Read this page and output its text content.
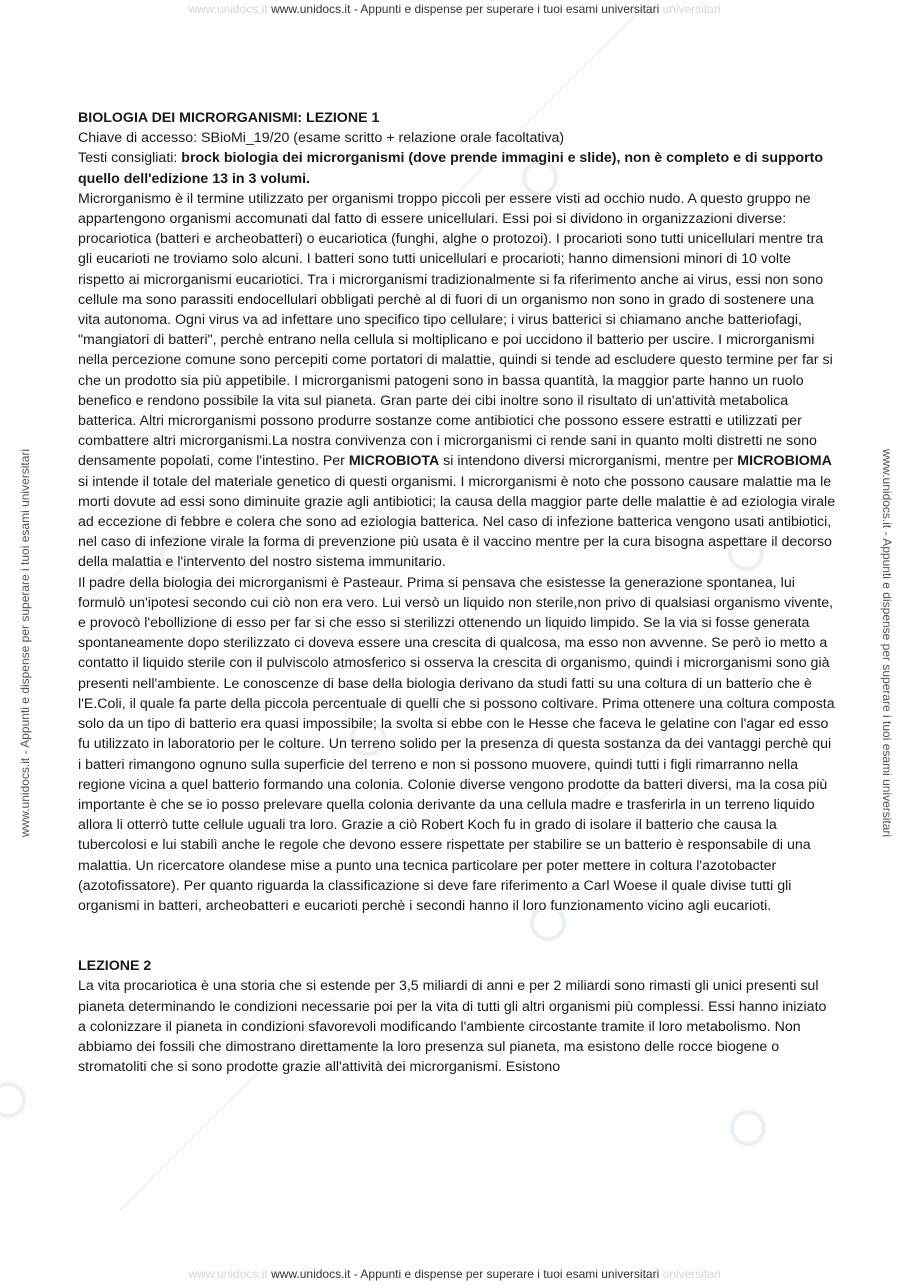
www.unidocs.it www.unidocs.it - Appunti e dispense per superare i tuoi esami universitari universitari
www.unidocs.it www.unidocs.it - Appunti e dispense per superare i tuoi esami universitari universitari
www.unidocs.it - Appunti e dispense per superare i tuoi esami universitari	www.unidocs.it - Appunti e dispense per superare i tuoi esami universitari

BIOLOGIA DEI MICRORGANISMI: LEZIONE 1

Chiave di accesso: SBioMi_19/20 (esame scritto + relazione orale facoltativa)

Testi consigliati: brock biologia dei microrganismi (dove prende immagini e slide), non è completo e di supporto quello dell'edizione 13 in 3 volumi.

Microrganismo è il termine utilizzato per organismi troppo piccoli per essere visti ad occhio nudo. A questo gruppo ne appartengono organismi accomunati dal fatto di essere unicellulari. Essi poi si dividono in organizzazioni diverse: procariotica (batteri e archeobatteri) o eucariotica (funghi, alghe o protozoi). I procarioti sono tutti unicellulari mentre tra gli eucarioti ne troviamo solo alcuni. I batteri sono tutti unicellulari e procarioti; hanno dimensioni minori di 10 volte rispetto ai microrganismi eucariotici. Tra i microrganismi tradizionalmente si fa riferimento anche ai virus, essi non sono cellule ma sono parassiti endocellulari obbligati perchè al di fuori di un organismo non sono in grado di sostenere una vita autonoma. Ogni virus va ad infettare uno specifico tipo cellulare; i virus batterici si chiamano anche batteriofagi, "mangiatori di batteri", perchè entrano nella cellula si moltiplicano e poi uccidono il batterio per uscire. I microrganismi nella percezione comune sono percepiti come portatori di malattie, quindi si tende ad escludere questo termine per far si che un prodotto sia più appetibile. I microrganismi patogeni sono in bassa quantità, la maggior parte hanno un ruolo benefico e rendono possibile la vita sul pianeta. Gran parte dei cibi inoltre sono il risultato di un'attività metabolica batterica. Altri microrganismi possono produrre sostanze come antibiotici che possono essere estratti e utilizzati per combattere altri microrganismi.La nostra convivenza con i microrganismi ci rende sani in quanto molti distretti ne sono densamente popolati, come l'intestino. Per MICROBIOTA si intendono diversi microrganismi, mentre per MICROBIOMA si intende il totale del materiale genetico di questi organismi. I microrganismi è noto che possono causare malattie ma le morti dovute ad essi sono diminuite grazie agli antibiotici; la causa della maggior parte delle malattie è ad eziologia virale ad eccezione di febbre e colera che sono ad eziologia batterica. Nel caso di infezione batterica vengono usati antibiotici, nel caso di infezione virale la forma di prevenzione più usata è il vaccino mentre per la cura bisogna aspettare il decorso della malattia e l'intervento del nostro sistema immunitario.

Il padre della biologia dei microrganismi è Pasteaur. Prima si pensava che esistesse la generazione spontanea, lui formulò un'ipotesi secondo cui ciò non era vero. Lui versò un liquido non sterile,non privo di qualsiasi organismo vivente, e provocò l'ebollizione di esso per far si che esso si sterilizzi ottenendo un liquido limpido. Se la via si fosse generata spontaneamente dopo sterilizzato ci doveva essere una crescita di qualcosa, ma esso non avvenne. Se però io metto a contatto il liquido sterile con il pulviscolo atmosferico si osserva la crescita di organismo, quindi i microrganismi sono già presenti nell'ambiente. Le conoscenze di base della biologia derivano da studi fatti su una coltura di un batterio che è l'E.Coli, il quale fa parte della piccola percentuale di quelli che si possono coltivare. Prima ottenere una coltura composta solo da un tipo di batterio era quasi impossibile; la svolta si ebbe con le Hesse che faceva le gelatine con l'agar ed esso fu utilizzato in laboratorio per le colture. Un terreno solido per la presenza di questa sostanza da dei vantaggi perchè qui i batteri rimangono ognuno sulla superficie del terreno e non si possono muovere, quindi tutti i figli rimarranno nella regione vicina a quel batterio formando una colonia. Colonie diverse vengono prodotte da batteri diversi, ma la cosa più importante è che se io posso prelevare quella colonia derivante da una cellula madre e trasferirla in un terreno liquido allora li otterrò tutte cellule uguali tra loro. Grazie a ciò Robert Koch fu in grado di isolare il batterio che causa la tubercolosi e lui stabilì anche le regole che devono essere rispettate per stabilire se un batterio è responsabile di una malattia. Un ricercatore olandese mise a punto una tecnica particolare per poter mettere in coltura l'azotobacter (azotofissatore). Per quanto riguarda la classificazione si deve fare riferimento a Carl Woese il quale divise tutti gli organismi in batteri, archeobatteri e eucarioti perchè i secondi hanno il loro funzionamento vicino agli eucarioti.

LEZIONE 2

La vita procariotica è una storia che si estende per 3,5 miliardi di anni e per 2 miliardi sono rimasti gli unici presenti sul pianeta determinando le condizioni necessarie poi per la vita di tutti gli altri organismi più complessi. Essi hanno iniziato a colonizzare il pianeta in condizioni sfavorevoli modificando l'ambiente circostante tramite il loro metabolismo. Non abbiamo dei fossili che dimostrano direttamente la loro presenza sul pianeta, ma esistono delle rocce biogene o stromatoliti che si sono prodotte grazie all'attività dei microrganismi. Esistono
